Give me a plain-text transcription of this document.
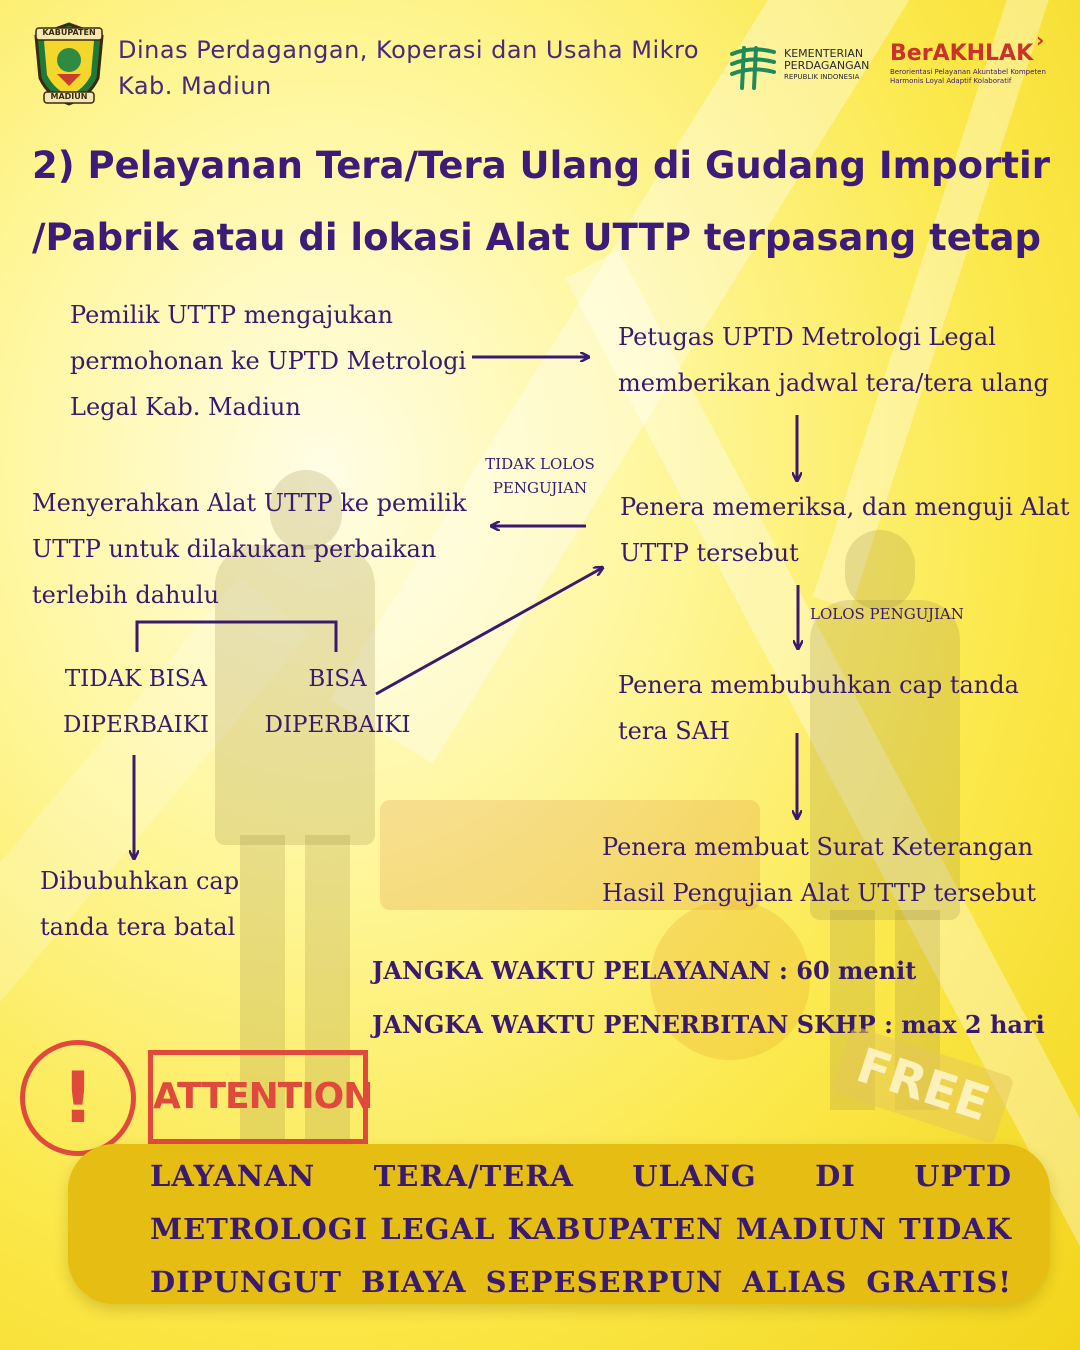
KABUPATEN
MADIUN
Dinas Perdagangan, Koperasi dan Usaha Mikro
Kab. Madiun
KEMENTERIAN
PERDAGANGAN
REPUBLIK INDONESIA
BerAKHLAK
›
Berorientasi Pelayanan Akuntabel Kompeten
Harmonis Loyal Adaptif Kolaboratif
2) Pelayanan Tera/Tera Ulang di Gudang Importir
/Pabrik atau di lokasi Alat UTTP terpasang tetap
Pemilik UTTP mengajukan
permohonan ke UPTD Metrologi
Legal Kab. Madiun
Petugas UPTD Metrologi Legal
memberikan jadwal tera/tera ulang
Penera memeriksa, dan menguji Alat
UTTP tersebut
TIDAK LOLOS
PENGUJIAN
Menyerahkan Alat UTTP ke pemilik
UTTP untuk dilakukan perbaikan
terlebih dahulu
TIDAK BISA
DIPERBAIKI
BISA
DIPERBAIKI
Dibubuhkan cap
tanda tera batal
LOLOS PENGUJIAN
Penera membubuhkan cap tanda
tera SAH
Penera membuat Surat Keterangan
Hasil Pengujian Alat UTTP tersebut
JANGKA WAKTU PELAYANAN : 60 menit
JANGKA WAKTU PENERBITAN SKHP : max 2 hari
FREE
!	ATTENTION
LAYANAN TERA/TERA ULANG DI UPTD METROLOGI LEGAL KABUPATEN MADIUN TIDAK DIPUNGUT BIAYA SEPESERPUN ALIAS GRATIS!
